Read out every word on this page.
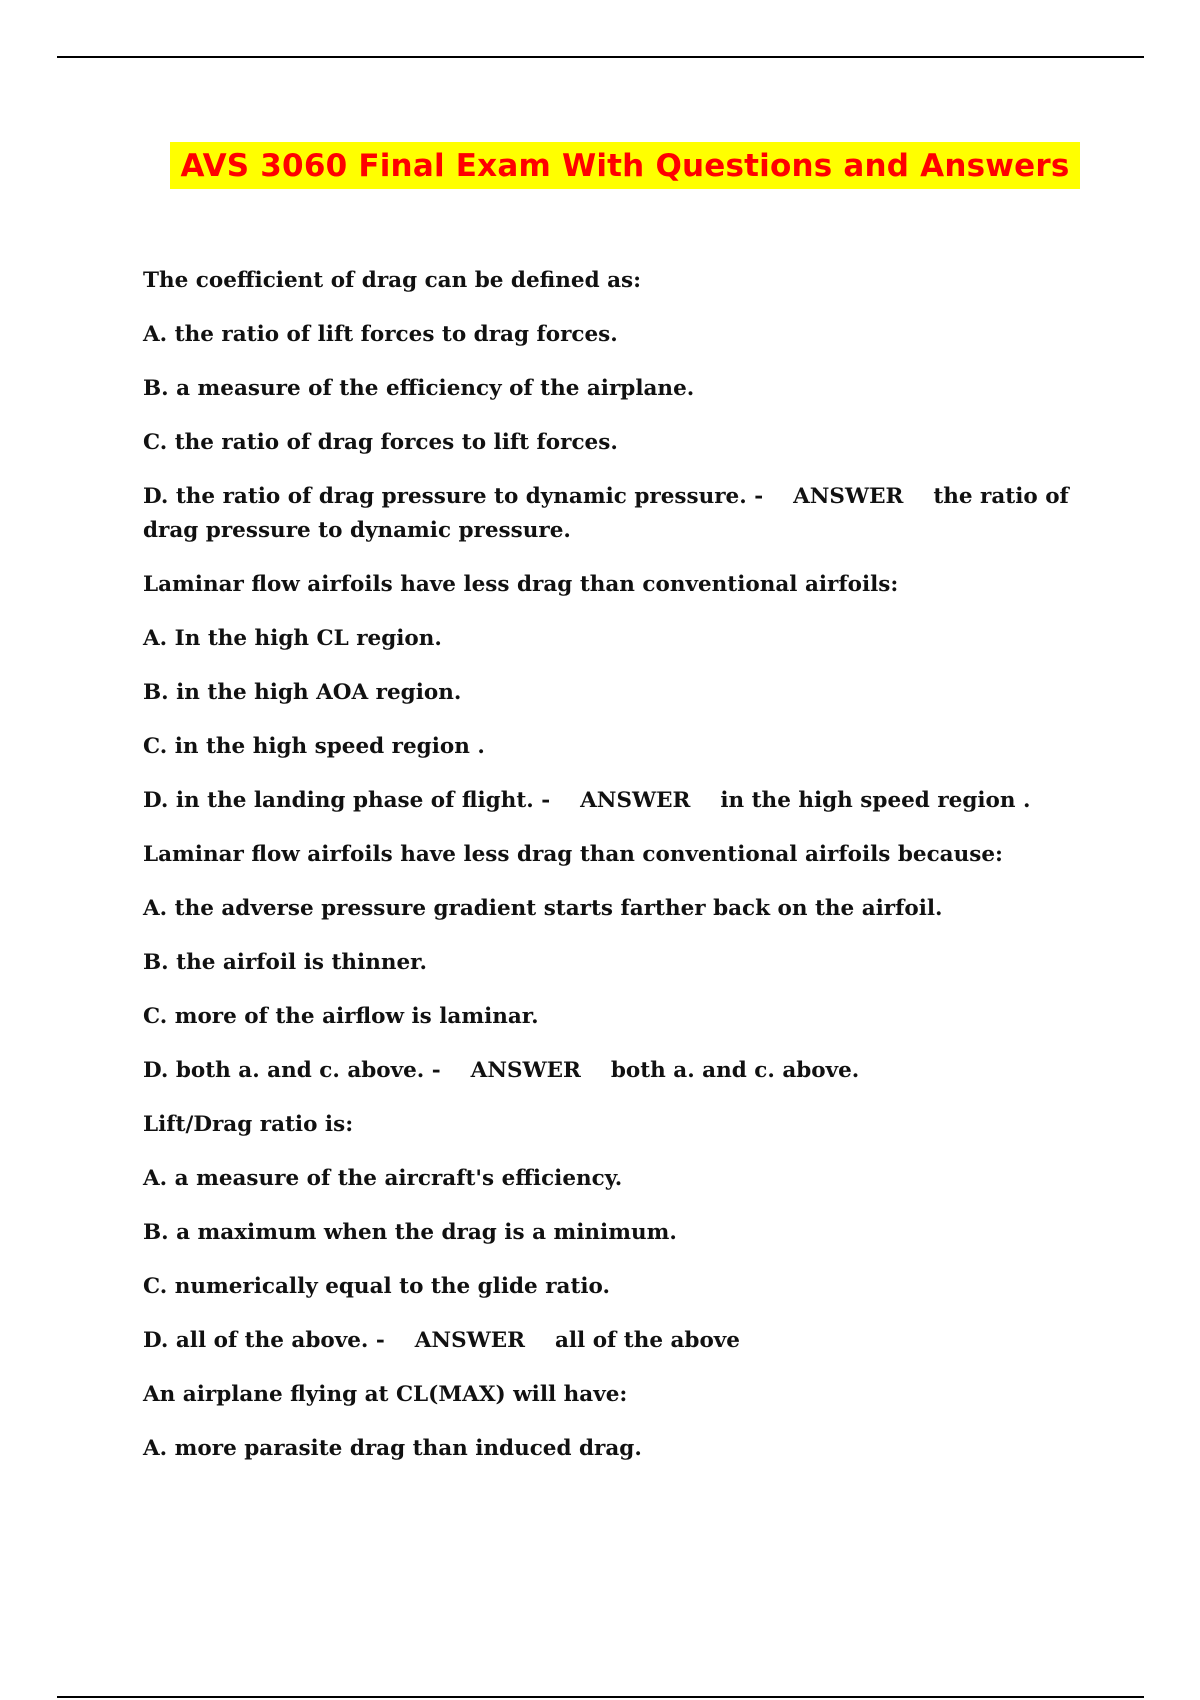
AVS 3060 Final Exam With Questions and Answers
The coefficient of drag can be defined as:
A. the ratio of lift forces to drag forces.
B. a measure of the efficiency of the airplane.
C. the ratio of drag forces to lift forces.
D. the ratio of drag pressure to dynamic pressure. - ANSWER the ratio of drag pressure to dynamic pressure.
Laminar flow airfoils have less drag than conventional airfoils:
A. In the high CL region.
B. in the high AOA region.
C. in the high speed region .
D. in the landing phase of flight. - ANSWER in the high speed region .
Laminar flow airfoils have less drag than conventional airfoils because:
A. the adverse pressure gradient starts farther back on the airfoil.
B. the airfoil is thinner.
C. more of the airflow is laminar.
D. both a. and c. above. - ANSWER both a. and c. above.
Lift/Drag ratio is:
A. a measure of the aircraft's efficiency.
B. a maximum when the drag is a minimum.
C. numerically equal to the glide ratio.
D. all of the above. - ANSWER all of the above
An airplane flying at CL(MAX) will have:
A. more parasite drag than induced drag.
